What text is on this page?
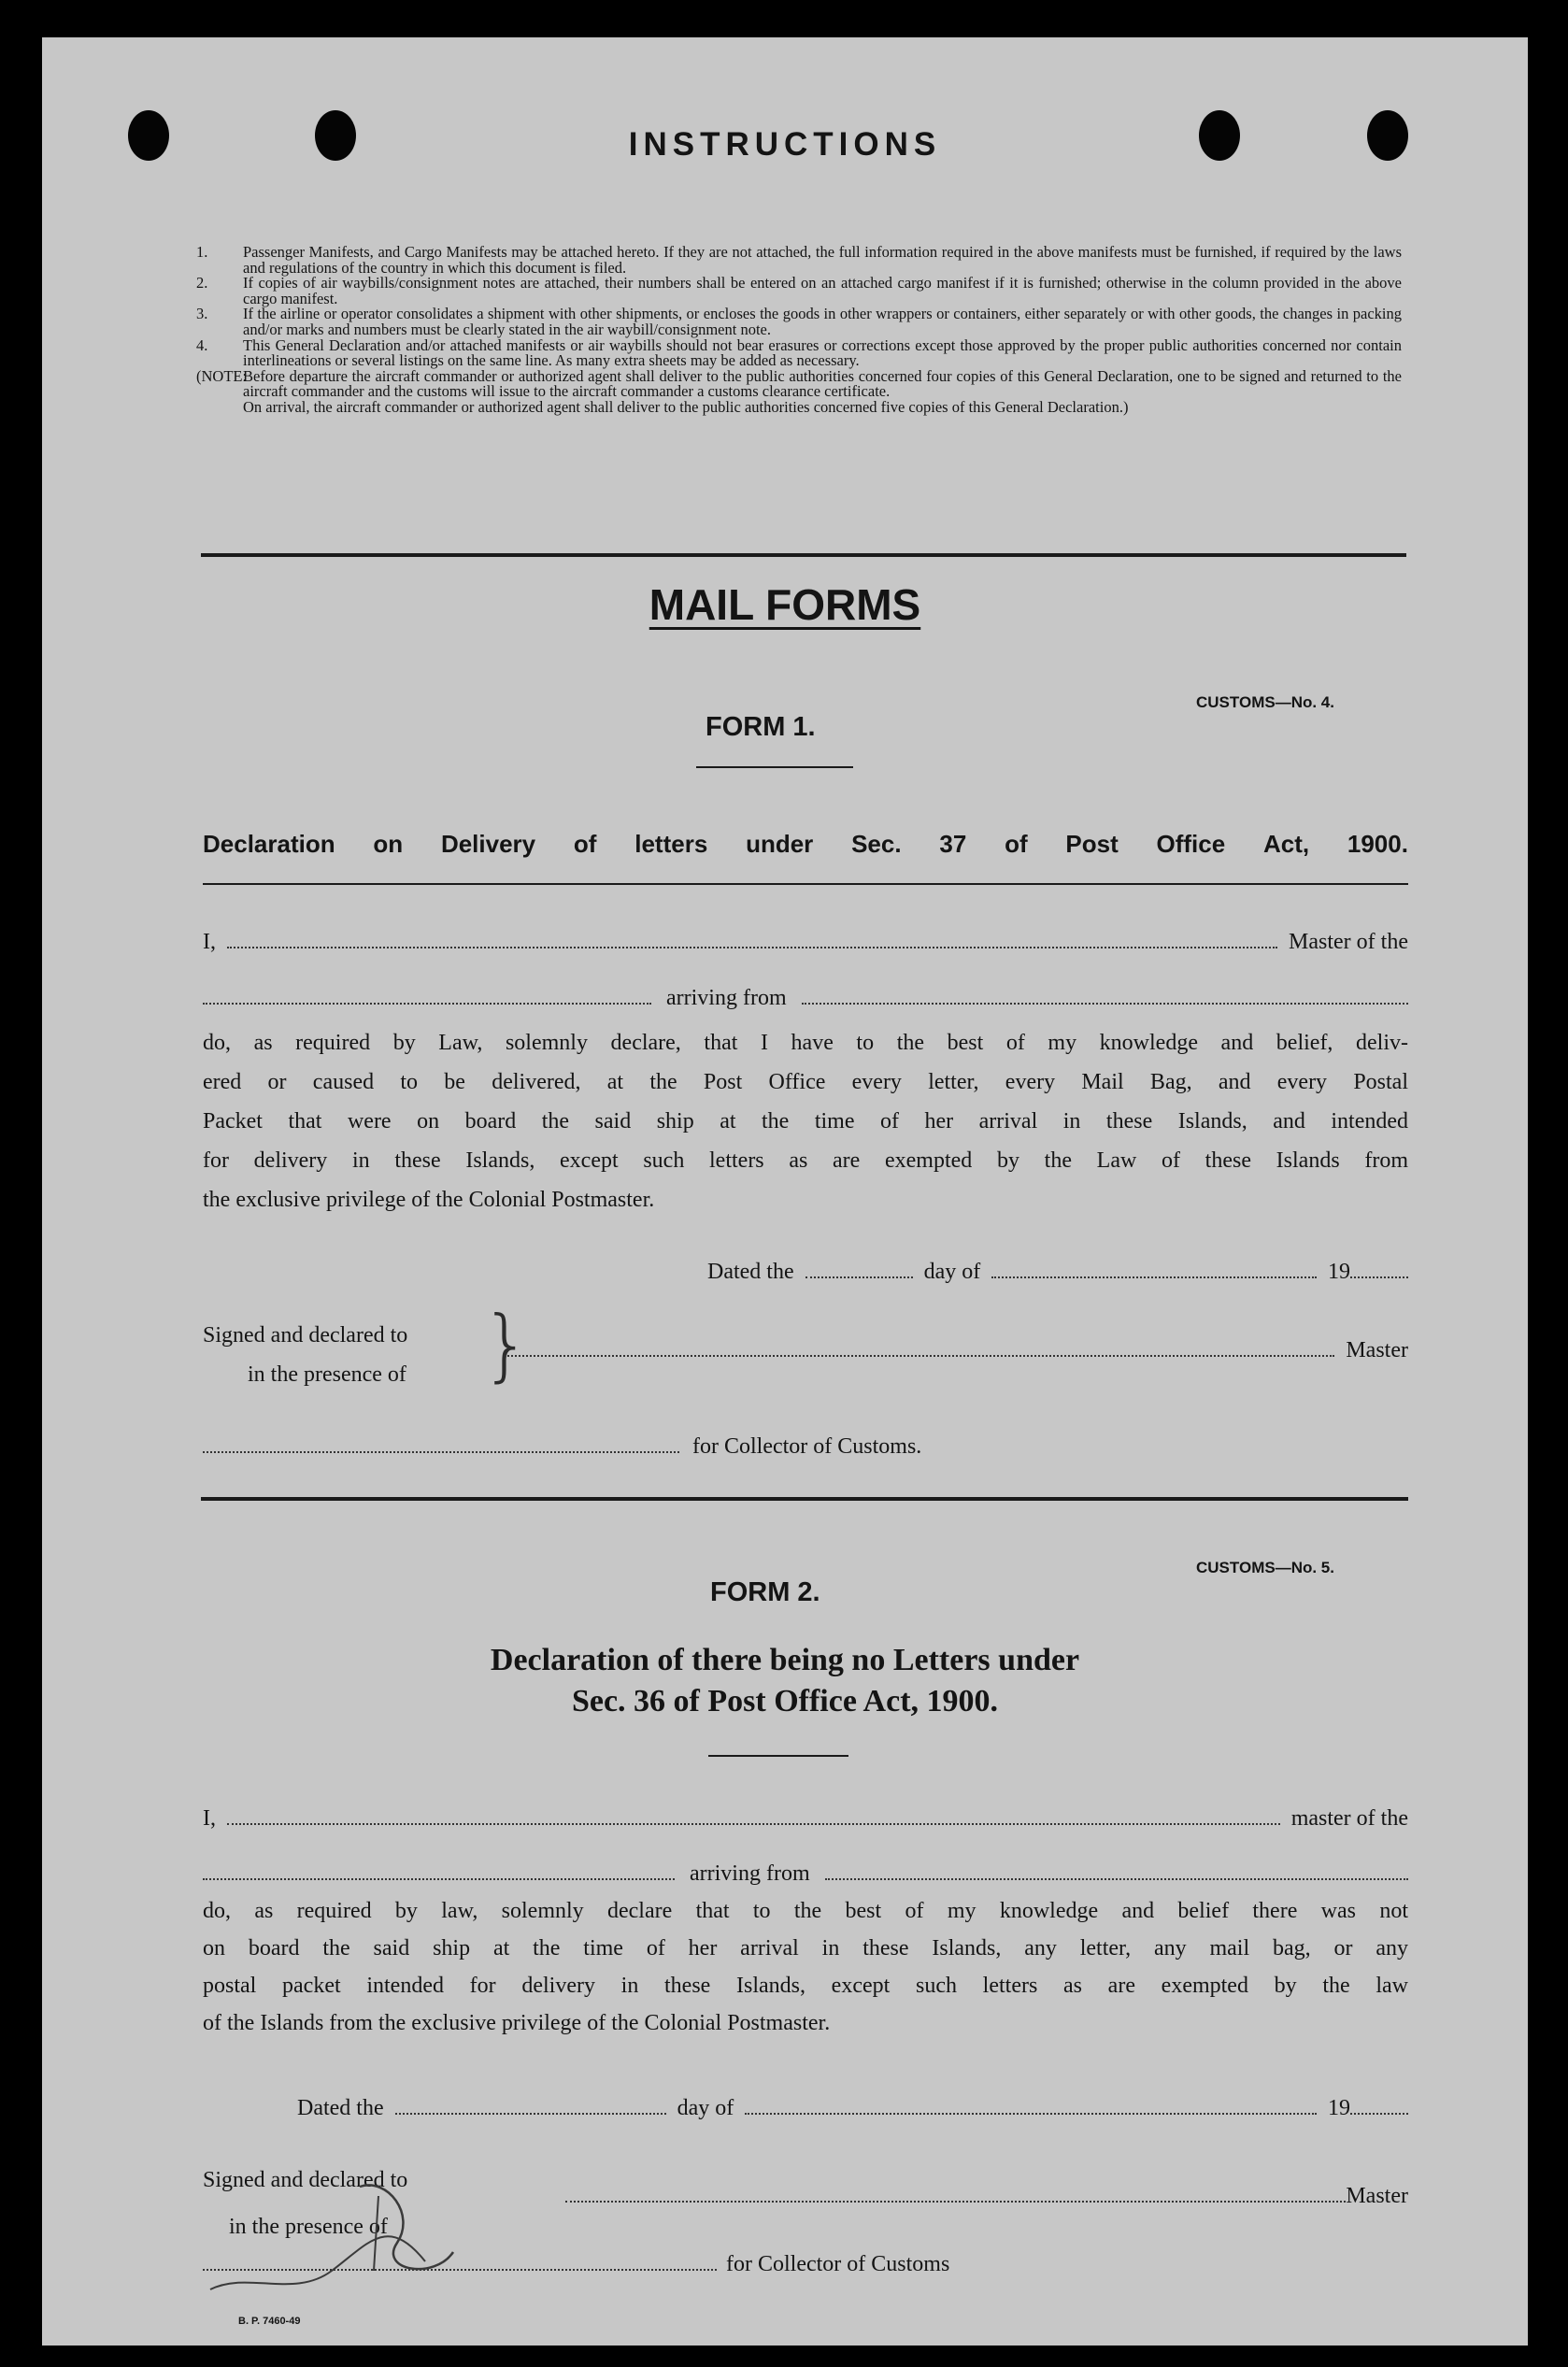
INSTRUCTIONS
1.	Passenger Manifests, and Cargo Manifests may be attached hereto. If they are not attached, the full information required in the above manifests must be furnished, if required by the laws and regulations of the country in which this document is filed.
2.	If copies of air waybills/consignment notes are attached, their numbers shall be entered on an attached cargo manifest if it is furnished; otherwise in the column provided in the above cargo manifest.
3.	If the airline or operator consolidates a shipment with other shipments, or encloses the goods in other wrappers or containers, either separately or with other goods, the changes in packing and/or marks and numbers must be clearly stated in the air waybill/consignment note.
4.	This General Declaration and/or attached manifests or air waybills should not bear erasures or corrections except those approved by the proper public authorities concerned nor contain interlineations or several listings on the same line. As many extra sheets may be added as necessary.
(NOTE:
Before departure the aircraft commander or authorized agent shall deliver to the public authorities concerned four copies of this General Declaration, one to be signed and returned to the aircraft commander and the customs will issue to the aircraft commander a customs clearance certificate.
On arrival, the aircraft commander or authorized agent shall deliver to the public authorities concerned five copies of this General Declaration.)
MAIL FORMS
CUSTOMS—No. 4.
FORM 1.
Declaration on Delivery of letters under Sec. 37 of Post Office Act, 1900.
I,	Master of the
arriving from

do, as required by Law, solemnly declare, that I have to the best of my knowledge and belief, deliv-

ered or caused to be delivered, at the Post Office every letter, every Mail Bag, and every Postal

Packet that were on board the said ship at the time of her arrival in these Islands, and intended

for delivery in these Islands, except such letters as are exempted by the Law of these Islands from

the exclusive privilege of the Colonial Postmaster.

Dated the	day of	19
Signed and declared to
in the presence of }	Master
for Collector of Customs.
CUSTOMS—No. 5.
FORM 2.
Declaration of there being no Letters under
Sec. 36 of Post Office Act, 1900.
I,	master of the
arriving from

do, as required by law, solemnly declare that to the best of my knowledge and belief there was not

on board the said ship at the time of her arrival in these Islands, any letter, any mail bag, or any

postal packet intended for delivery in these Islands, except such letters as are exempted by the law

of the Islands from the exclusive privilege of the Colonial Postmaster.

Dated the	day of	19
Signed and declared to
in the presence of
Master
for Collector of Customs
B. P. 7460-49
